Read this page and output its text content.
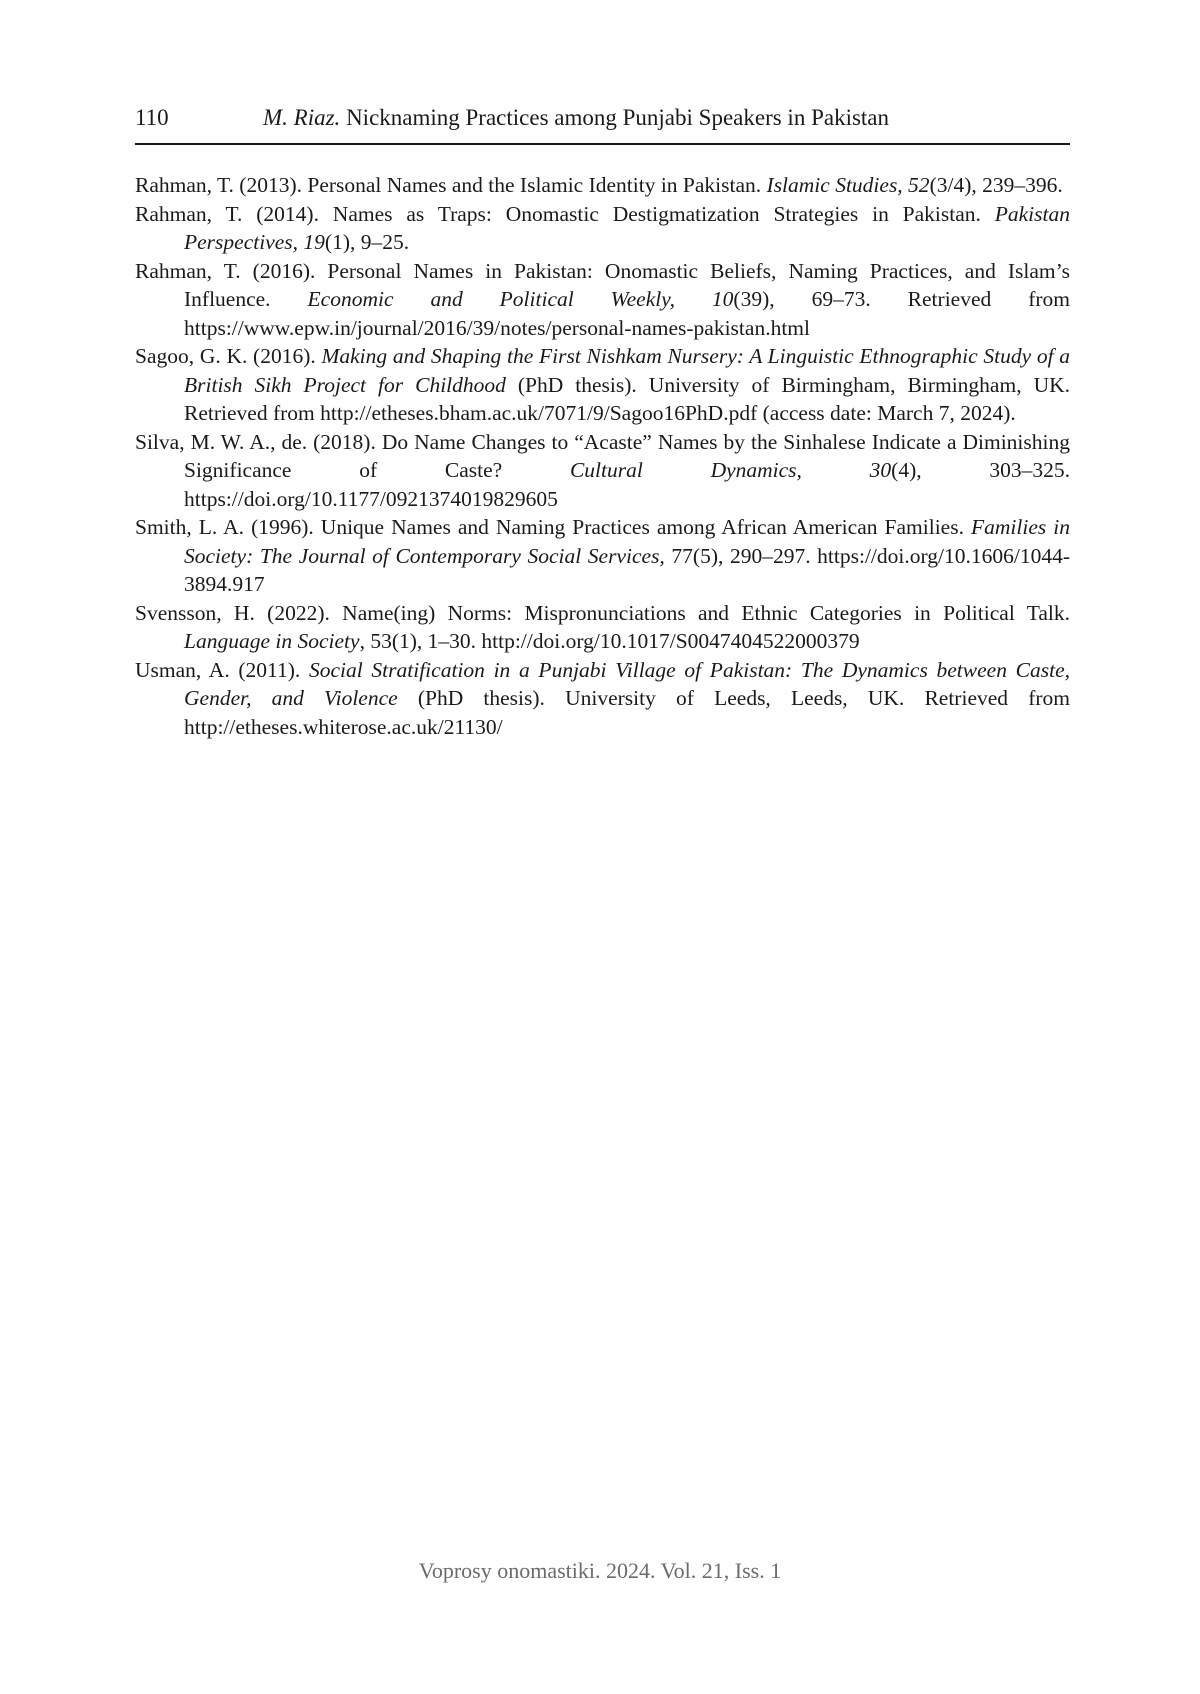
110	M. Riaz. Nicknaming Practices among Punjabi Speakers in Pakistan

Rahman, T. (2013). Personal Names and the Islamic Identity in Pakistan. Islamic Studies, 52(3/4), 239–396.

Rahman, T. (2014). Names as Traps: Onomastic Destigmatization Strategies in Pakistan. Pakistan Perspectives, 19(1), 9–25.

Rahman, T. (2016). Personal Names in Pakistan: Onomastic Beliefs, Naming Practices, and Islam’s Influence. Economic and Political Weekly, 10(39), 69–73. Retrieved from https://www.epw.in/journal/2016/39/notes/personal-names-pakistan.html

Sagoo, G. K. (2016). Making and Shaping the First Nishkam Nursery: A Linguistic Ethnographic Study of a British Sikh Project for Childhood (PhD thesis). University of Birmingham, Birmingham, UK. Retrieved from http://etheses.bham.ac.uk/7071/9/Sagoo16PhD.pdf (access date: March 7, 2024).

Silva, M. W. A., de. (2018). Do Name Changes to “Acaste” Names by the Sinhalese Indicate a Diminishing Significance of Caste? Cultural Dynamics, 30(4), 303–325. https://doi.org/10.1177/0921374019829605

Smith, L. A. (1996). Unique Names and Naming Practices among African American Families. Families in Society: The Journal of Contemporary Social Services, 77(5), 290–297. https://doi.org/10.1606/1044-3894.917

Svensson, H. (2022). Name(ing) Norms: Mispronunciations and Ethnic Categories in Political Talk. Language in Society, 53(1), 1–30. http://doi.org/10.1017/S0047404522000379

Usman, A. (2011). Social Stratification in a Punjabi Village of Pakistan: The Dynamics between Caste, Gender, and Violence (PhD thesis). University of Leeds, Leeds, UK. Retrieved from http://etheses.whiterose.ac.uk/21130/

Voprosy onomastiki. 2024. Vol. 21, Iss. 1
